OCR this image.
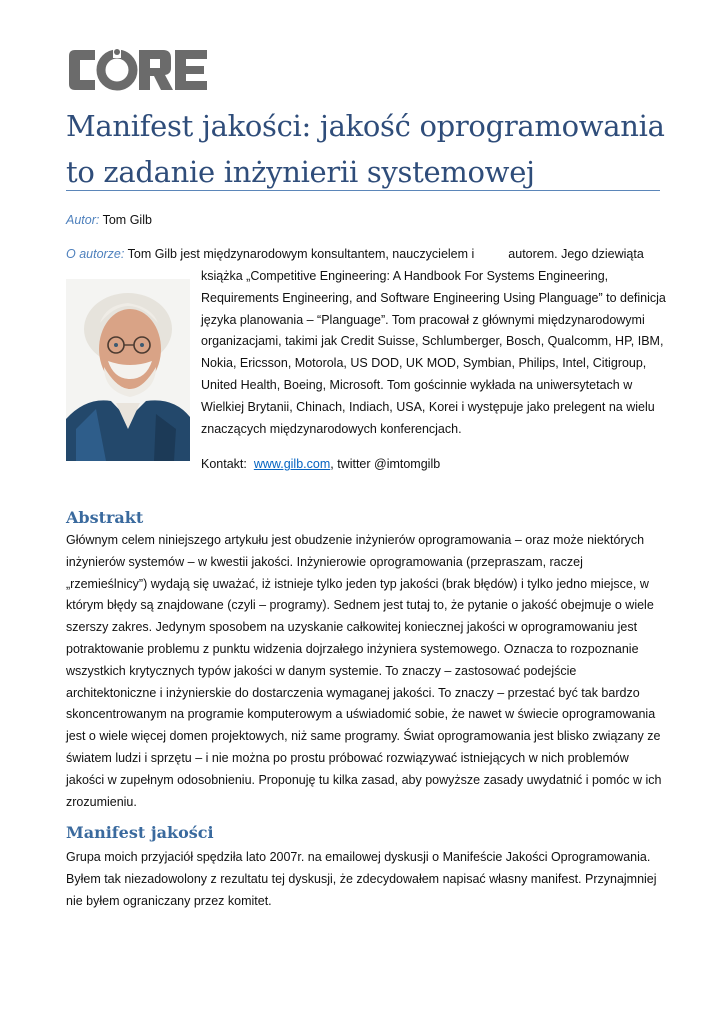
Manifest jakości: jakość oprogramowania to zadanie inżynierii systemowej

Autor: Tom Gilb

O autorze: Tom Gilb jest międzynarodowym konsultantem, nauczycielem i	autorem. Jego dziewiąta

książka „Competitive Engineering: A Handbook For Systems Engineering, Requirements Engineering, and Software Engineering Using Planguage” to definicja języka planowania – “Planguage”. Tom pracował z głównymi międzynarodowymi organizacjami, takimi jak Credit Suisse, Schlumberger, Bosch, Qualcomm, HP, IBM, Nokia, Ericsson, Motorola, US DOD, UK MOD, Symbian, Philips, Intel, Citigroup, United Health, Boeing, Microsoft. Tom gościnnie wykłada na uniwersytetach w Wielkiej Brytanii, Chinach, Indiach, USA, Korei i występuje jako prelegent na wielu znaczących międzynarodowych konferencjach.

Kontakt: www.gilb.com, twitter @imtomgilb

Abstrakt

Głównym celem niniejszego artykułu jest obudzenie inżynierów oprogramowania – oraz może niektórych inżynierów systemów – w kwestii jakości. Inżynierowie oprogramowania (przepraszam, raczej „rzemieślnicy”) wydają się uważać, iż istnieje tylko jeden typ jakości (brak błędów) i tylko jedno miejsce, w którym błędy są znajdowane (czyli – programy). Sednem jest tutaj to, że pytanie o jakość obejmuje o wiele szerszy zakres. Jedynym sposobem na uzyskanie całkowitej koniecznej jakości w oprogramowaniu jest potraktowanie problemu z punktu widzenia dojrzałego inżyniera systemowego. Oznacza to rozpoznanie wszystkich krytycznych typów jakości w danym systemie. To znaczy – zastosować podejście architektoniczne i inżynierskie do dostarczenia wymaganej jakości. To znaczy – przestać być tak bardzo skoncentrowanym na programie komputerowym a uświadomić sobie, że nawet w świecie oprogramowania jest o wiele więcej domen projektowych, niż same programy. Świat oprogramowania jest blisko związany ze światem ludzi i sprzętu – i nie można po prostu próbować rozwiązywać istniejących w nich problemów jakości w zupełnym odosobnieniu. Proponuję tu kilka zasad, aby powyższe zasady uwydatnić i pomóc w ich zrozumieniu.

Manifest jakości

Grupa moich przyjaciół spędziła lato 2007r. na emailowej dyskusji o Manifeście Jakości Oprogramowania. Byłem tak niezadowolony z rezultatu tej dyskusji, że zdecydowałem napisać własny manifest. Przynajmniej nie byłem ograniczany przez komitet.
